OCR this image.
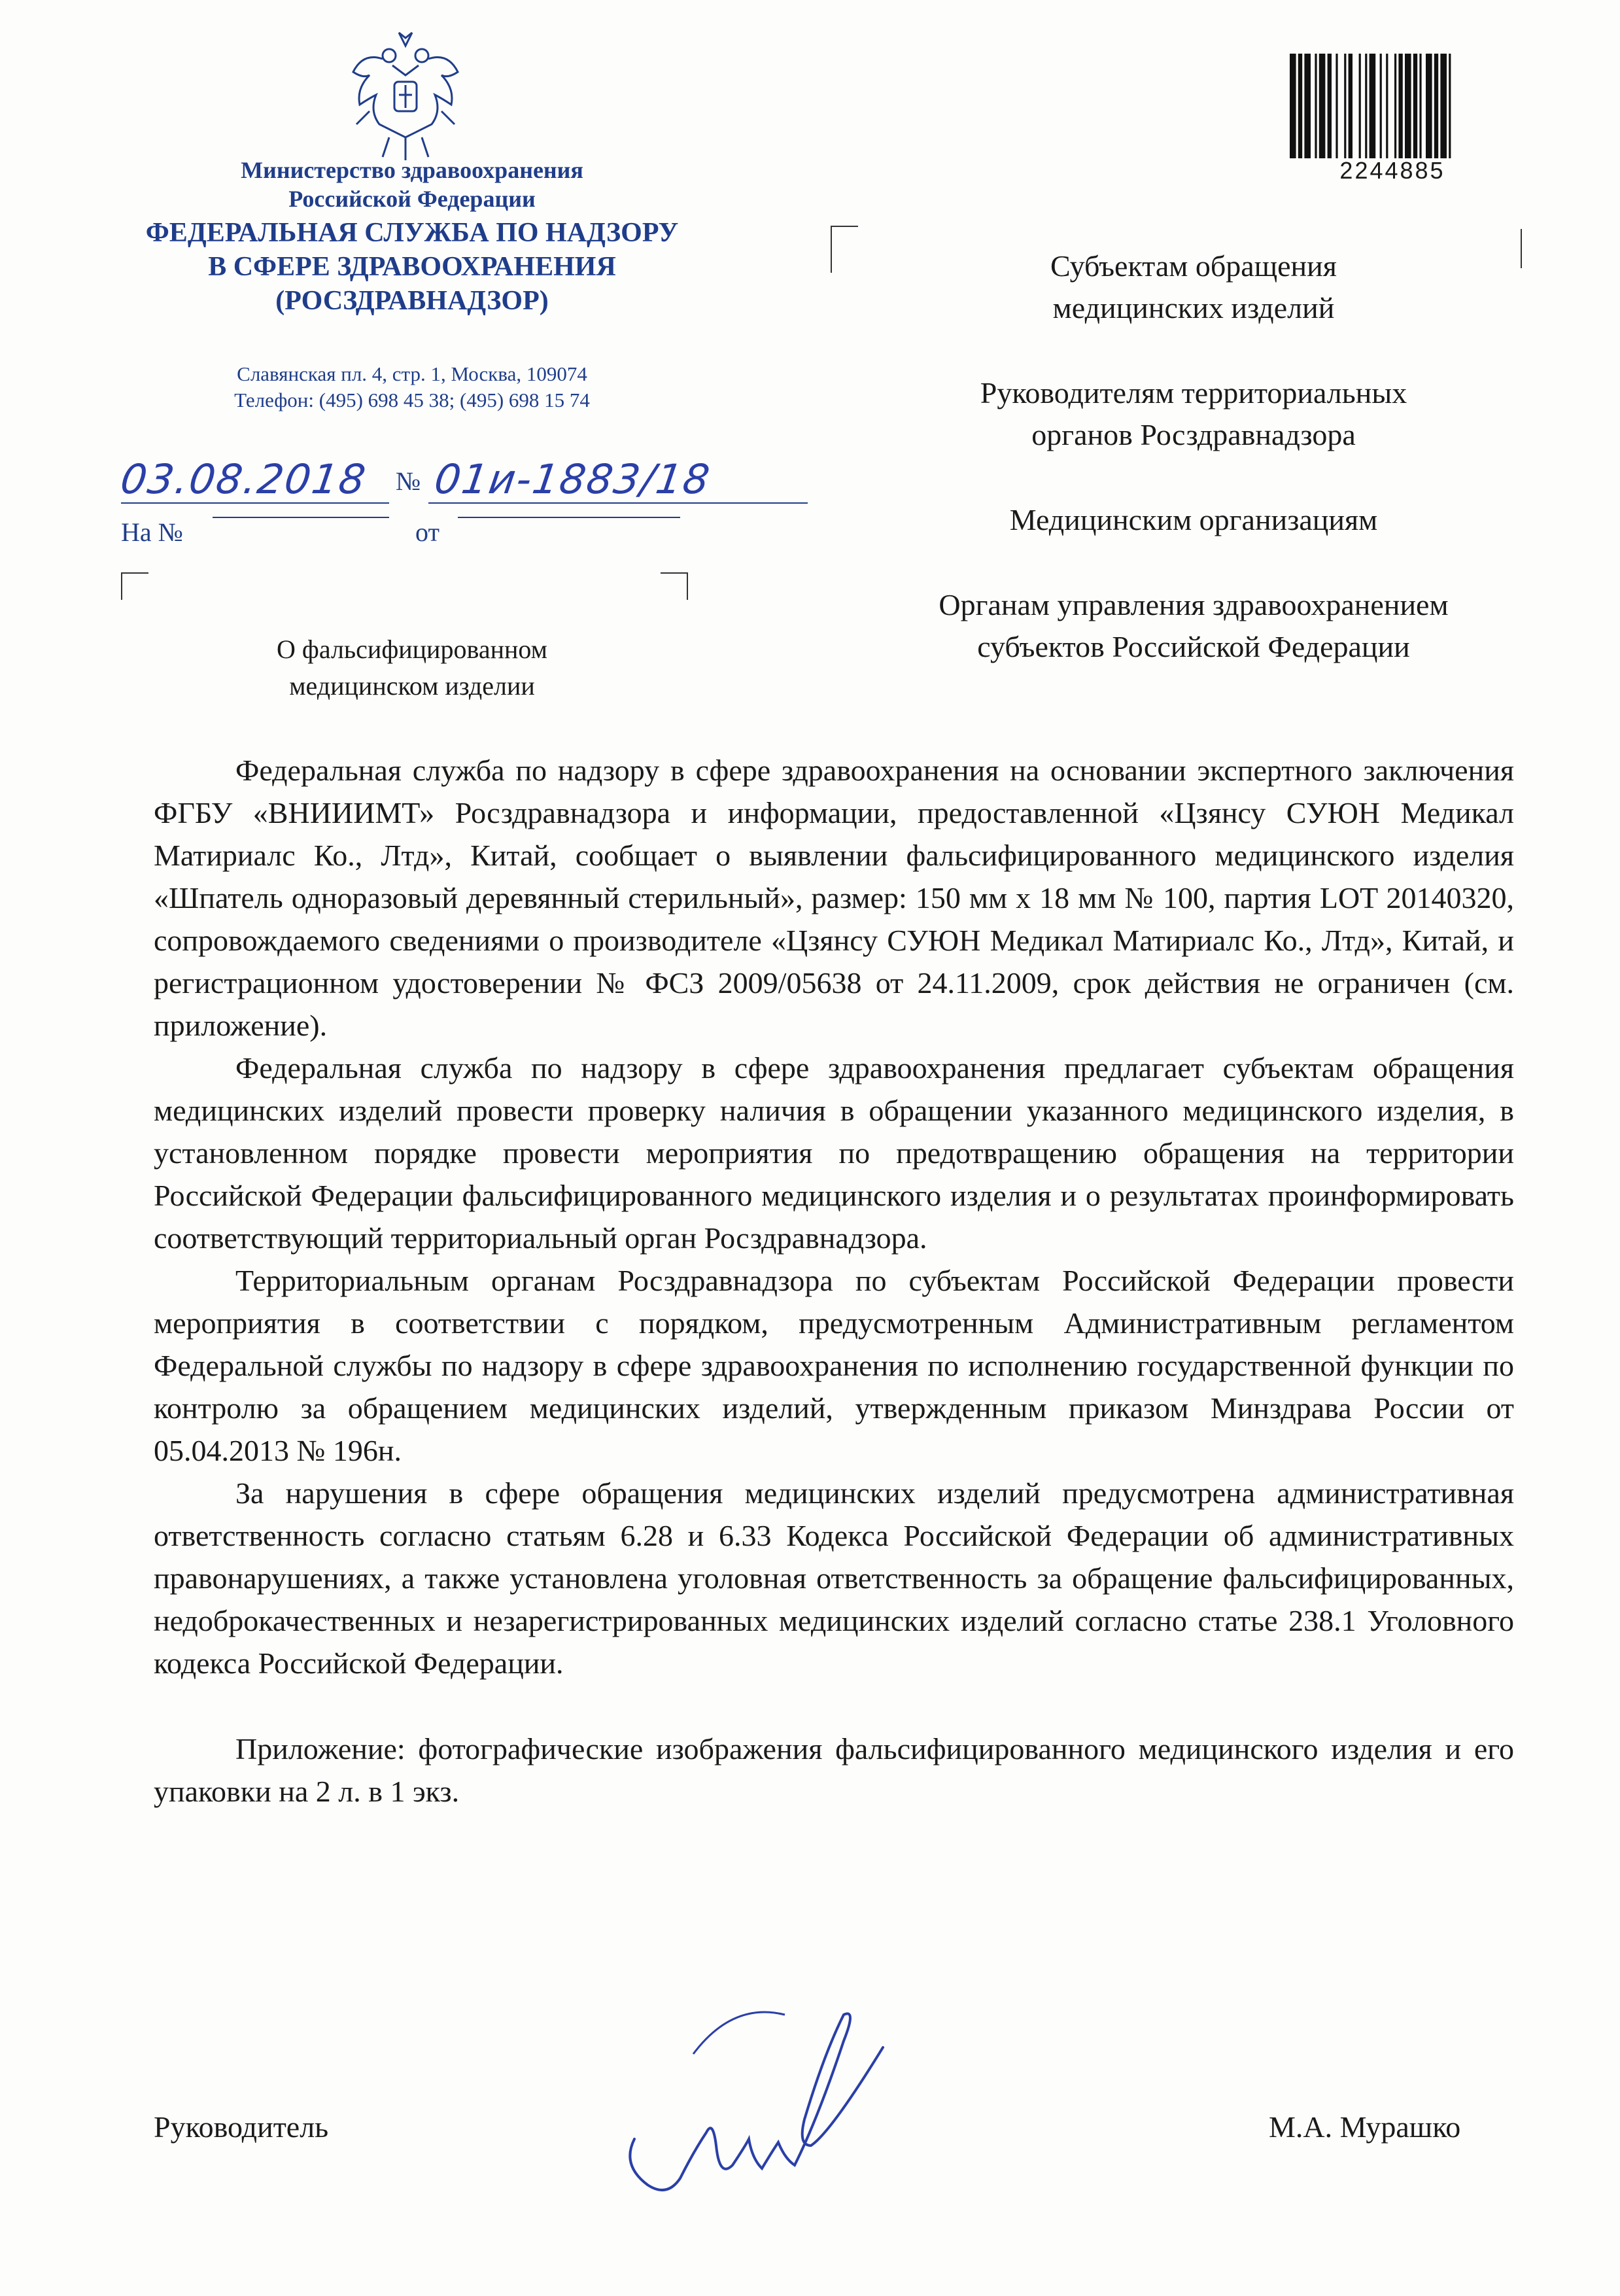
Министерство здравоохранения
Российской Федерации
ФЕДЕРАЛЬНАЯ СЛУЖБА ПО НАДЗОРУ
В СФЕРЕ ЗДРАВООХРАНЕНИЯ
(РОСЗДРАВНАДЗОР)
Славянская пл. 4, стр. 1, Москва, 109074
Телефон: (495) 698 45 38; (495) 698 15 74
03.08.2018 № 01и-1883/18
На №	от
О фальсифицированном
медицинском изделии
2244885

Субъектам обращения
медицинских изделий

Руководителям территориальных
органов Росздравнадзора

Медицинским организациям

Органам управления здравоохранением
субъектов Российской Федерации

Федеральная служба по надзору в сфере здравоохранения на основании экспертного заключения ФГБУ «ВНИИИМТ» Росздравнадзора и информации, предоставленной «Цзянсу СУЮН Медикал Матириалс Ко., Лтд», Китай, сообщает о выявлении фальсифицированного медицинского изделия «Шпатель одноразовый деревянный стерильный», размер: 150 мм х 18 мм № 100, партия LOT 20140320, сопровождаемого сведениями о производителе «Цзянсу СУЮН Медикал Матириалс Ко., Лтд», Китай, и регистрационном удостоверении № ФСЗ 2009/05638 от 24.11.2009, срок действия не ограничен (см. приложение).

Федеральная служба по надзору в сфере здравоохранения предлагает субъектам обращения медицинских изделий провести проверку наличия в обращении указанного медицинского изделия, в установленном порядке провести мероприятия по предотвращению обращения на территории Российской Федерации фальсифицированного медицинского изделия и о результатах проинформировать соответствующий территориальный орган Росздравнадзора.

Территориальным органам Росздравнадзора по субъектам Российской Федерации провести мероприятия в соответствии с порядком, предусмотренным Административным регламентом Федеральной службы по надзору в сфере здравоохранения по исполнению государственной функции по контролю за обращением медицинских изделий, утвержденным приказом Минздрава России от 05.04.2013 № 196н.

За нарушения в сфере обращения медицинских изделий предусмотрена административная ответственность согласно статьям 6.28 и 6.33 Кодекса Российской Федерации об административных правонарушениях, а также установлена уголовная ответственность за обращение фальсифицированных, недоброкачественных и незарегистрированных медицинских изделий согласно статье 238.1 Уголовного кодекса Российской Федерации.

Приложение: фотографические изображения фальсифицированного медицинского изделия и его упаковки на 2 л. в 1 экз.

Руководитель	М.А. Мурашко
